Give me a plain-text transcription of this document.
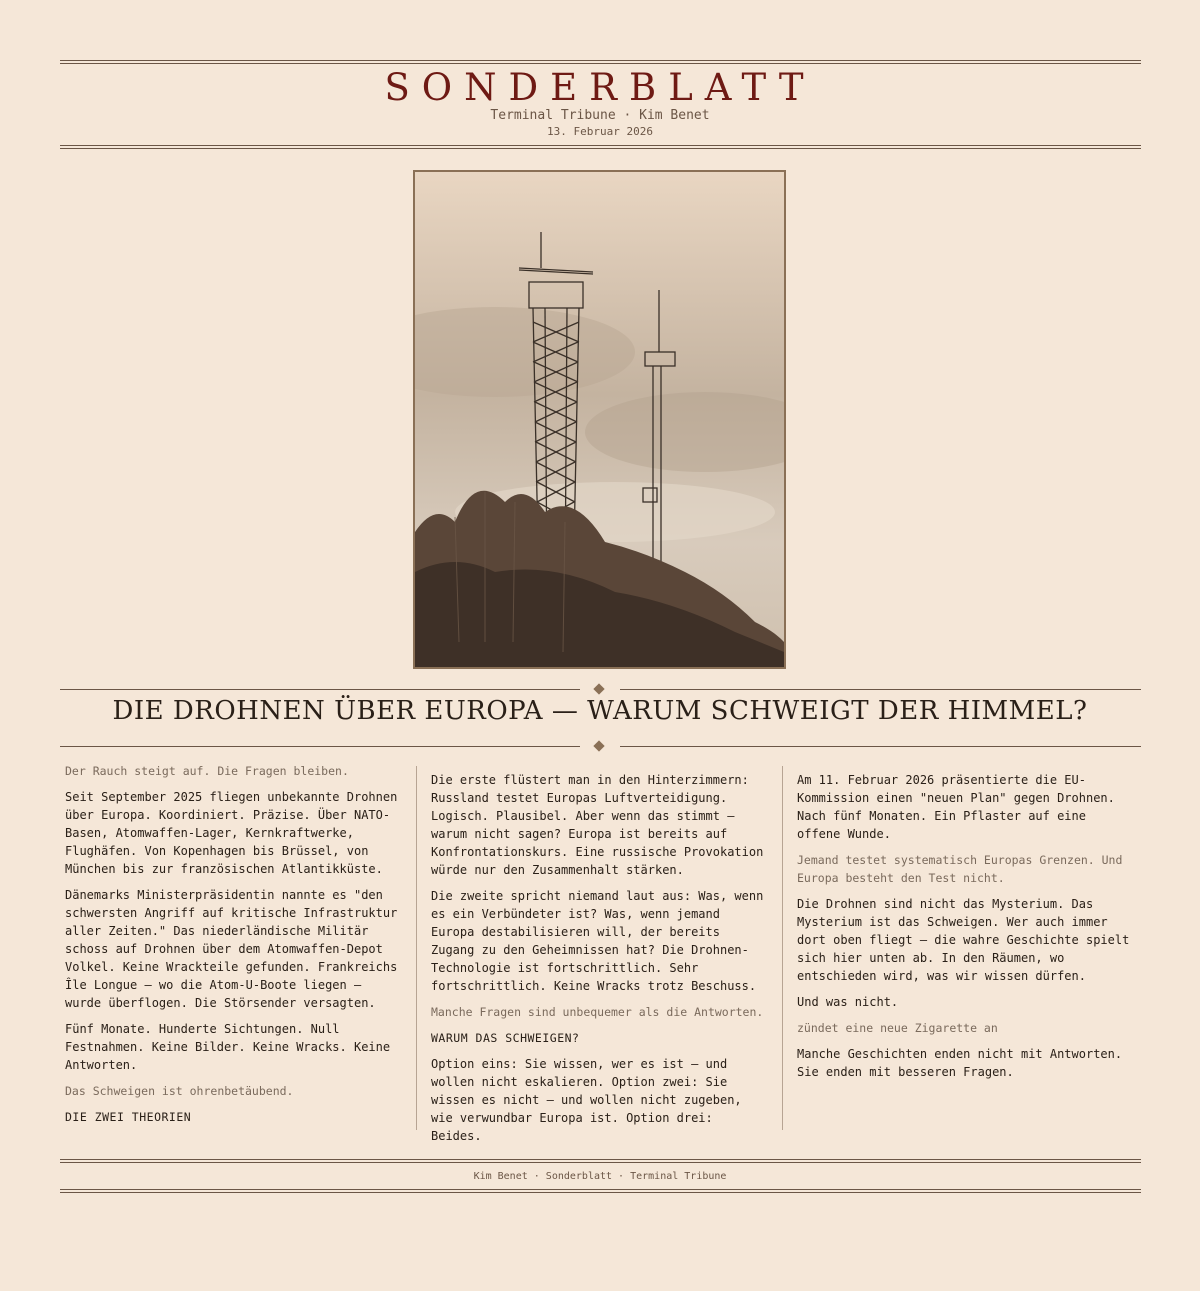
SONDERBLATT
Terminal Tribune · Kim Benet
13. Februar 2026
DIE DROHNEN ÜBER EUROPA — WARUM SCHWEIGT DER HIMMEL?

Der Rauch steigt auf. Die Fragen bleiben.

Seit September 2025 fliegen unbekannte Drohnen über Europa. Koordiniert. Präzise. Über NATO-Basen, Atomwaffen-Lager, Kernkraftwerke, Flughäfen. Von Kopenhagen bis Brüssel, von München bis zur französischen Atlantikküste.

Dänemarks Ministerpräsidentin nannte es "den schwersten Angriff auf kritische Infrastruktur aller Zeiten." Das niederländische Militär schoss auf Drohnen über dem Atomwaffen-Depot Volkel. Keine Wrackteile gefunden. Frankreichs Île Longue — wo die Atom-U-Boote liegen — wurde überflogen. Die Störsender versagten.

Fünf Monate. Hunderte Sichtungen. Null Festnahmen. Keine Bilder. Keine Wracks. Keine Antworten.

Das Schweigen ist ohrenbetäubend.

DIE ZWEI THEORIEN

Die erste flüstert man in den Hinterzimmern: Russland testet Europas Luftverteidigung. Logisch. Plausibel. Aber wenn das stimmt — warum nicht sagen? Europa ist bereits auf Konfrontationskurs. Eine russische Provokation würde nur den Zusammenhalt stärken.

Die zweite spricht niemand laut aus: Was, wenn es ein Verbündeter ist? Was, wenn jemand Europa destabilisieren will, der bereits Zugang zu den Geheimnissen hat? Die Drohnen-Technologie ist fortschrittlich. Sehr fortschrittlich. Keine Wracks trotz Beschuss.

Manche Fragen sind unbequemer als die Antworten.

WARUM DAS SCHWEIGEN?

Option eins: Sie wissen, wer es ist — und wollen nicht eskalieren. Option zwei: Sie wissen es nicht — und wollen nicht zugeben, wie verwundbar Europa ist. Option drei: Beides.

Am 11. Februar 2026 präsentierte die EU-Kommission einen "neuen Plan" gegen Drohnen. Nach fünf Monaten. Ein Pflaster auf eine offene Wunde.

Jemand testet systematisch Europas Grenzen. Und Europa besteht den Test nicht.

Die Drohnen sind nicht das Mysterium. Das Mysterium ist das Schweigen. Wer auch immer dort oben fliegt — die wahre Geschichte spielt sich hier unten ab. In den Räumen, wo entschieden wird, was wir wissen dürfen.

Und was nicht.

zündet eine neue Zigarette an

Manche Geschichten enden nicht mit Antworten. Sie enden mit besseren Fragen.

Kim Benet · Sonderblatt · Terminal Tribune
